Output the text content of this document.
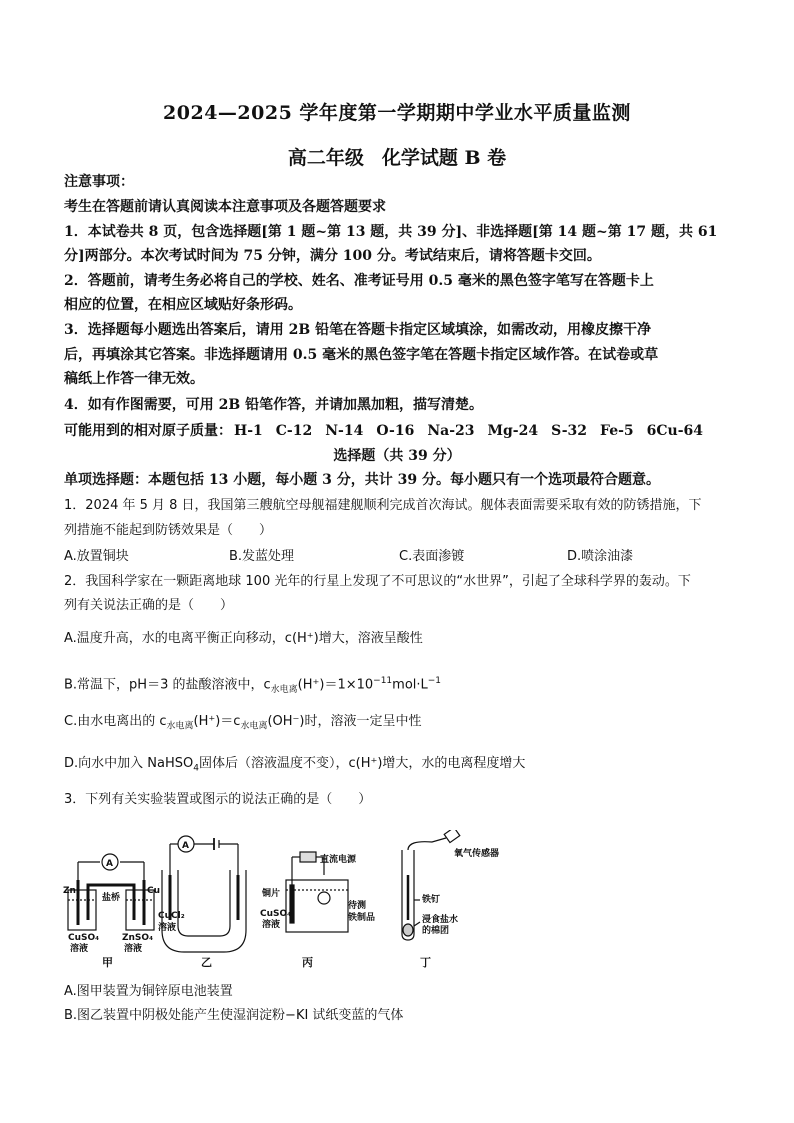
2024—2025 学年度第一学期期中学业水平质量监测
高二年级 化学试题 B 卷
注意事项：
考生在答题前请认真阅读本注意事项及各题答题要求
1．本试卷共 8 页，包含选择题[第 1 题~第 13 题，共 39 分]、非选择题[第 14 题~第 17 题，共 61
分]两部分。本次考试时间为 75 分钟，满分 100 分。考试结束后，请将答题卡交回。
2．答题前，请考生务必将自己的学校、姓名、准考证号用 0.5 毫米的黑色签字笔写在答题卡上
相应的位置，在相应区域贴好条形码。
3．选择题每小题选出答案后，请用 2B 铅笔在答题卡指定区域填涂，如需改动，用橡皮擦干净
后，再填涂其它答案。非选择题请用 0.5 毫米的黑色签字笔在答题卡指定区域作答。在试卷或草
稿纸上作答一律无效。
4．如有作图需要，可用 2B 铅笔作答，并请加黑加粗，描写清楚。
可能用到的相对原子质量： H-1 C-12 N-14 O-16 Na-23 Mg-24 S-32 Fe-5 6Cu-64
选择题（共 39 分）
单项选择题：本题包括 13 小题，每小题 3 分，共计 39 分。每小题只有一个选项最符合题意。
1．2024 年 5 月 8 日，我国第三艘航空母舰福建舰顺利完成首次海试。舰体表面需要采取有效的防锈措施，下
列措施不能起到防锈效果是（　　）
A.放置铜块	B.发蓝处理	C.表面渗镀	D.喷涂油漆
2．我国科学家在一颗距离地球 100 光年的行星上发现了不可思议的“水世界”，引起了全球科学界的轰动。下
列有关说法正确的是（　　）
A.温度升高，水的电离平衡正向移动，c(H⁺)增大，溶液呈酸性
B.常温下，pH＝3 的盐酸溶液中，$c_{水电离}(H^+)=1\times 10^{-11}mol\cdot L^{-1}$
C.由水电离出的 $c_{水电离}(H^+)=c_{水电离}(OH^-)$时，溶液一定呈中性
D.向水中加入 NaHSO$_4$固体后（溶液温度不变），c(H⁺)增大，水的电离程度增大
3．下列有关实验装置或图示的说法正确的是（　　）
A
Zn	Cu
盐桥
CuSO₄
溶液
ZnSO₄
溶液
甲
A
CuCl₂
溶液
乙
直流电源
铜片
CuSO₄
溶液
待测
铁制品
丙
氧气传感器
铁钉
浸食盐水
的棉团
丁
A.图甲装置为铜锌原电池装置
B.图乙装置中阴极处能产生使湿润淀粉−KI 试纸变蓝的气体
